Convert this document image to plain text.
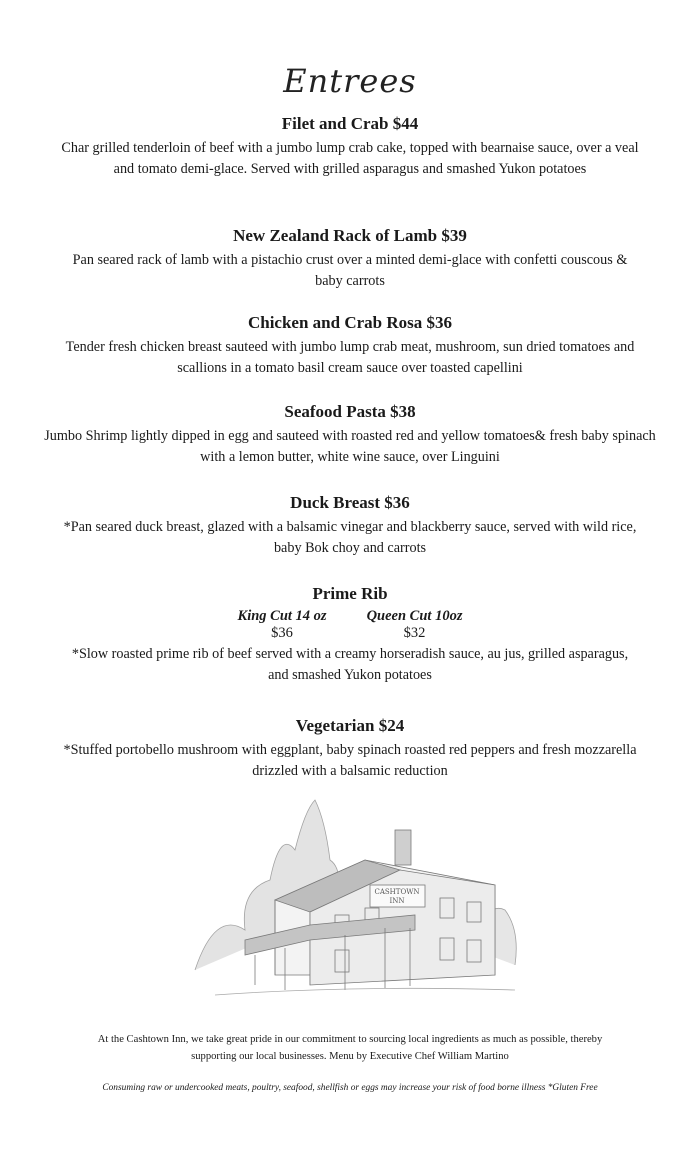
Entrees

Filet and Crab $44

Char grilled tenderloin of beef with a jumbo lump crab cake, topped with bearnaise sauce, over a veal and tomato demi-glace. Served with grilled asparagus and smashed Yukon potatoes

New Zealand Rack of Lamb $39

Pan seared rack of lamb with a pistachio crust over a minted demi-glace with confetti couscous & baby carrots

Chicken and Crab Rosa $36

Tender fresh chicken breast sauteed with jumbo lump crab meat, mushroom, sun dried tomatoes and scallions in a tomato basil cream sauce over toasted capellini

Seafood Pasta $38

Jumbo Shrimp lightly dipped in egg and sauteed with roasted red and yellow tomatoes& fresh baby spinach with a lemon butter, white wine sauce, over Linguini

Duck Breast $36

*Pan seared duck breast, glazed with a balsamic vinegar and blackberry sauce, served with wild rice, baby Bok choy and carrots

Prime Rib

King Cut 14 oz
$36
Queen Cut 10oz
$32

*Slow roasted prime rib of beef served with a creamy horseradish sauce, au jus, grilled asparagus, and smashed Yukon potatoes

Vegetarian $24

*Stuffed portobello mushroom with eggplant, baby spinach roasted red peppers and fresh mozzarella drizzled with a balsamic reduction

CASHTOWN
INN

At the Cashtown Inn, we take great pride in our commitment to sourcing local ingredients as much as possible, thereby supporting our local businesses. Menu by Executive Chef William Martino

Consuming raw or undercooked meats, poultry, seafood, shellfish or eggs may increase your risk of food borne illness *Gluten Free
